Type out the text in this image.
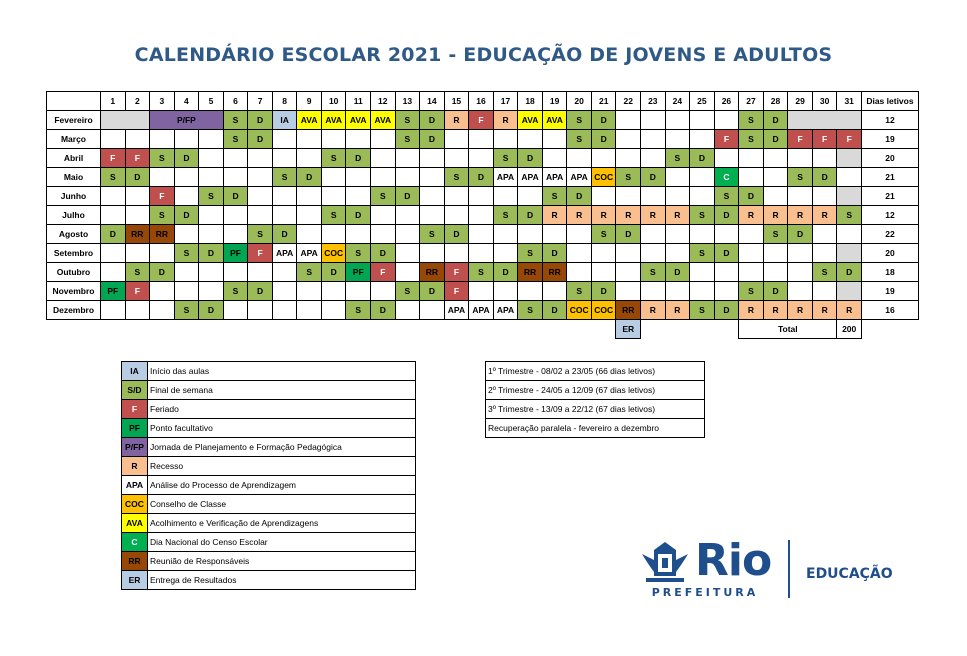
CALENDÁRIO ESCOLAR 2021 - EDUCAÇÃO DE JOVENS E ADULTOS
	1	2	3	4	5	6	7	8	9	10	11	12	13	14	15	16	17	18	19	20	21	22	23	24	25	26	27	28	29	30	31	Dias letivos
Fevereiro			P/FP			S	D	IA	AVA	AVA	AVA	AVA	S	D	R	F	R	AVA	AVA	S	D						S	D				12
Março						S	D						S	D						S	D					F	S	D	F	F	F	19
Abril	F	F	S	D						S	D						S	D						S	D							20
Maio	S	D						S	D						S	D	APA	APA	APA	APA	COC	S	D			C			S	D		21
Junho			F		S	D						S	D						S	D						S	D					21
Julho			S	D						S	D						S	D	R	R	R	R	R	R	S	D	R	R	R	R	S	12
Agosto	D	RR	RR				S	D						S	D						S	D						S	D			22
Setembro				S	D	PF	F	APA	APA	COC	S	D						S	D						S	D						20
Outubro		S	D						S	D	PF	F		RR	F	S	D	RR	RR				S	D						S	D	18
Novembro	PF	F				S	D						S	D	F					S	D						S	D				19
Dezembro				S	D						S	D			APA	APA	APA	S	D	COC	COC	RR	R	R	S	D	R	R	R	R	R	16
																						ER					Total				200	
IA	Início das aulas
S/D	Final de semana
F	Feriado
PF	Ponto facultativo
P/FP	Jornada de Planejamento e Formação Pedagógica
R	Recesso
APA	Análise do Processo de Aprendizagem
COC	Conselho de Classe
AVA	Acolhimento e Verificação de Aprendizagens
C	Dia Nacional do Censo Escolar
RR	Reunião de Responsáveis
ER	Entrega de Resultados
1º Trimestre - 08/02 a 23/05 (66 dias letivos)
2º Trimestre - 24/05 a 12/09 (67 dias letivos)
3º Trimestre - 13/09 a 22/12 (67 dias letivos)
Recuperação paralela - fevereiro a dezembro
Rio
PREFEITURA
EDUCAÇÃO
